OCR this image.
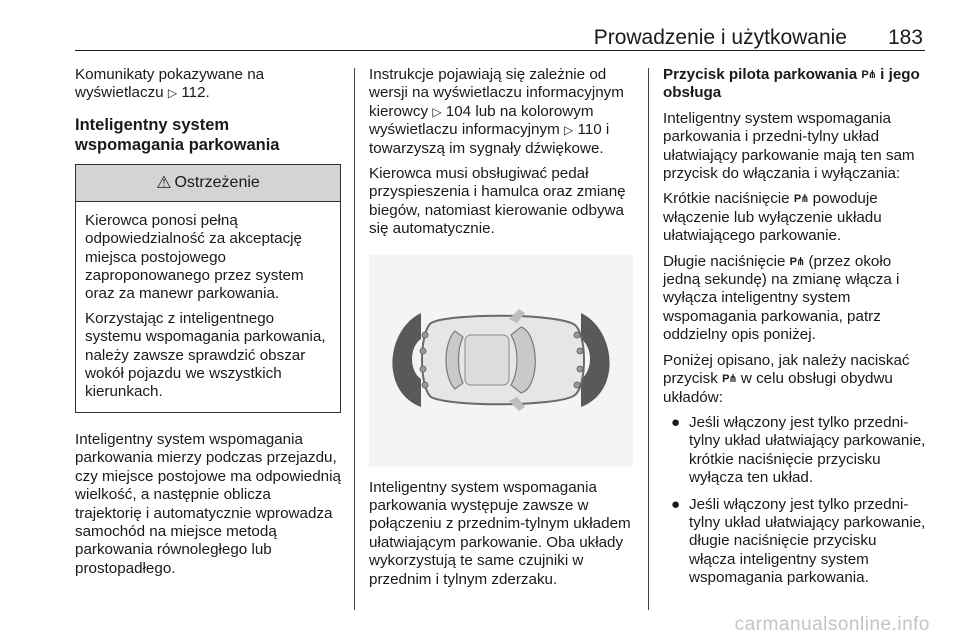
Prowadzenie i użytkowanie 183

Komunikaty pokazywane na wyświetlaczu ▷ 112.

Inteligentny system wspomagania parkowania
⚠ Ostrzeżenie

Kierowca ponosi pełną odpowiedzialność za akceptację miejsca postojowego zaproponowanego przez system oraz za manewr parkowania.

Korzystając z inteligentnego systemu wspomagania parkowania, należy zawsze sprawdzić obszar wokół pojazdu we wszystkich kierunkach.

Inteligentny system wspomagania parkowania mierzy podczas przejazdu, czy miejsce postojowe ma odpowiednią wielkość, a następnie oblicza trajektorię i automatycznie wprowadza samochód na miejsce metodą parkowania równoległego lub prostopadłego.

Instrukcje pojawiają się zależnie od wersji na wyświetlaczu informacyjnym kierowcy ▷ 104 lub na kolorowym wyświetlaczu informacyjnym ▷ 110 i towarzyszą im sygnały dźwiękowe.

Kierowca musi obsługiwać pedał przyspieszenia i hamulca oraz zmianę biegów, natomiast kierowanie odbywa się automatycznie.

Inteligentny system wspomagania parkowania występuje zawsze w połączeniu z przednim-tylnym układem ułatwiającym parkowanie. Oba układy wykorzystują te same czujniki w przednim i tylnym zderzaku.

Przycisk pilota parkowania P⋔ i jego obsługa

Inteligentny system wspomagania parkowania i przedni-tylny układ ułatwiający parkowanie mają ten sam przycisk do włączania i wyłączania:

Krótkie naciśnięcie P⋔ powoduje włączenie lub wyłączenie układu ułatwiającego parkowanie.

Długie naciśnięcie P⋔ (przez około jedną sekundę) na zmianę włącza i wyłącza inteligentny system wspomagania parkowania, patrz oddzielny opis poniżej.

Poniżej opisano, jak należy naciskać przycisk P⋔ w celu obsługi obydwu układów:

● Jeśli włączony jest tylko przedni-tylny układ ułatwiający parkowanie, krótkie naciśnięcie przycisku wyłącza ten układ.
● Jeśli włączony jest tylko przedni-tylny układ ułatwiający parkowanie, długie naciśnięcie przycisku włącza inteligentny system wspomagania parkowania.
carmanualsonline.info
